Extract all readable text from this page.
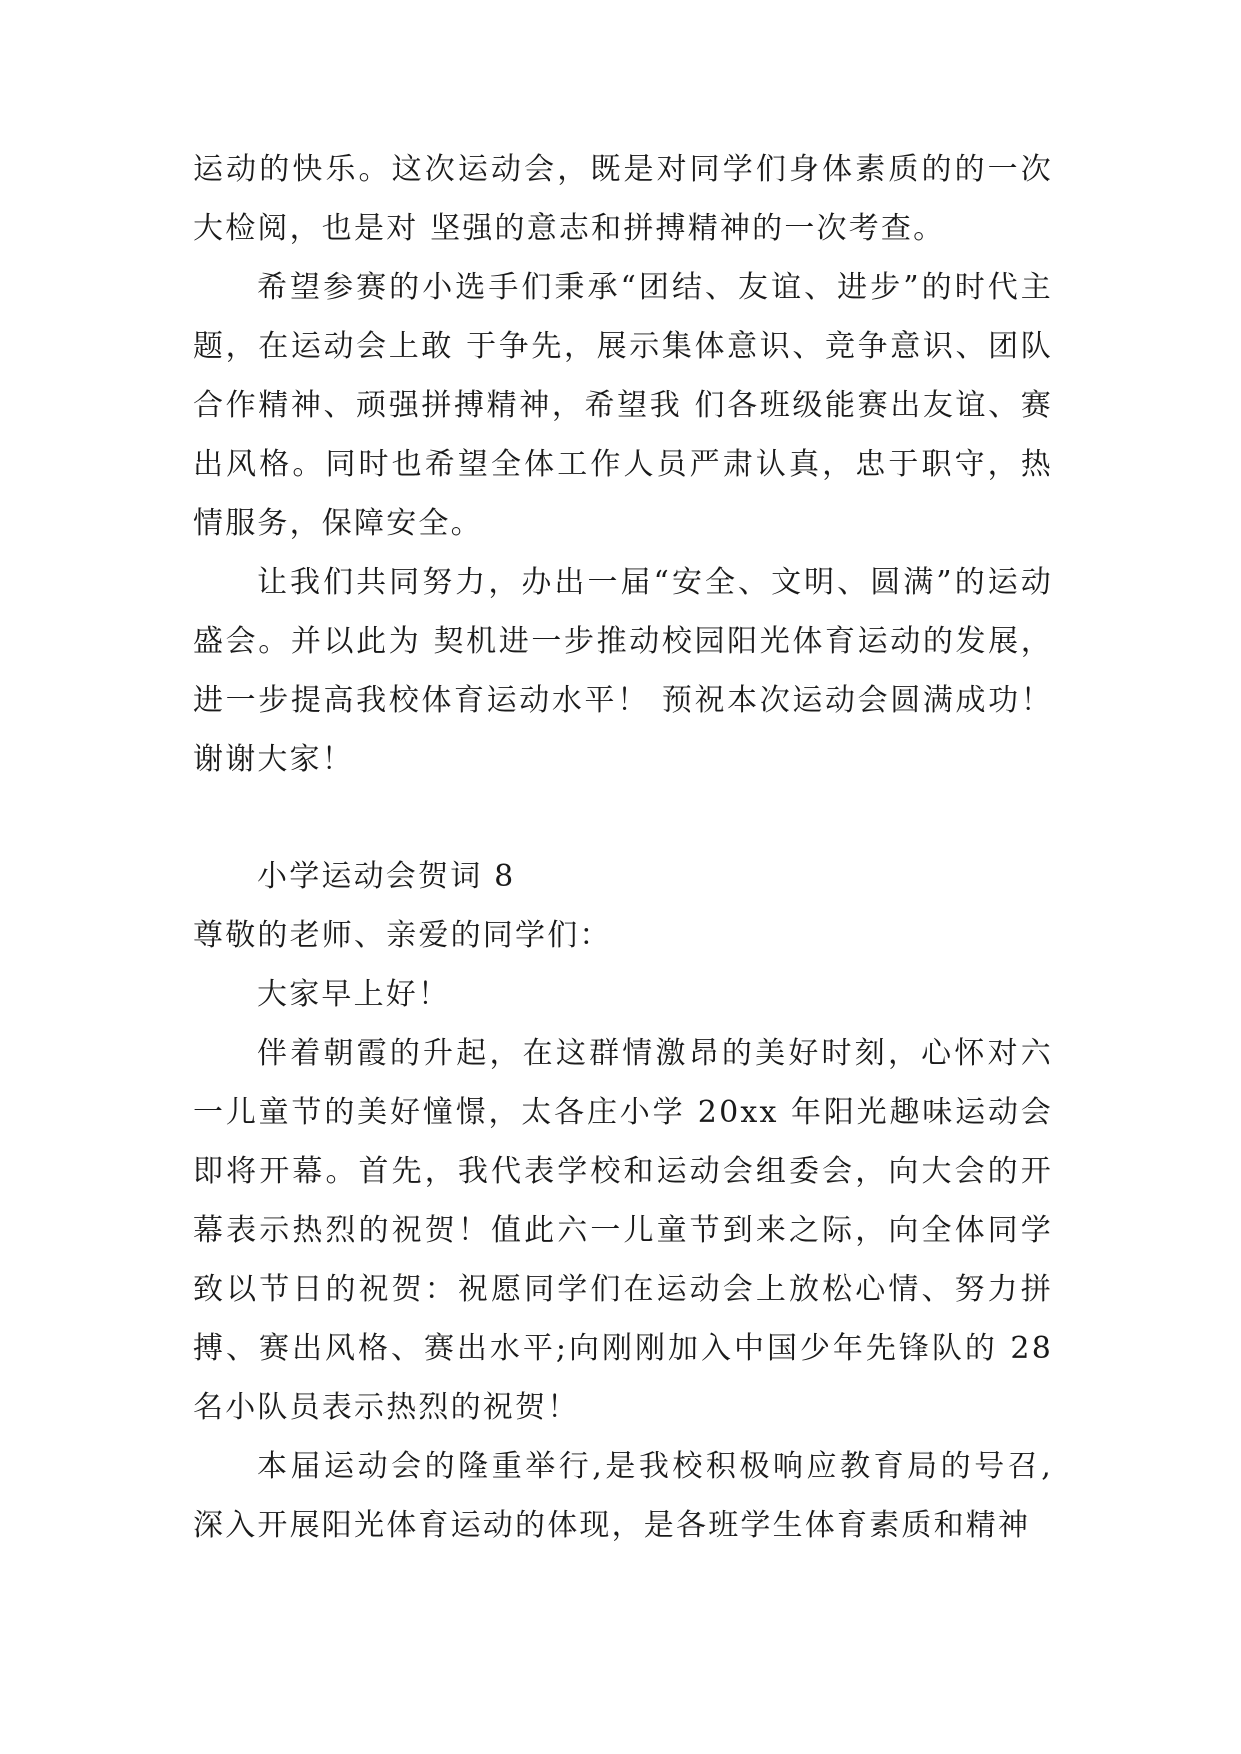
运动的快乐。这次运动会，既是对同学们身体素质的的一次大检阅，也是对 坚强的意志和拼搏精神的一次考查。

希望参赛的小选手们秉承“团结、友谊、进步”的时代主题，在运动会上敢 于争先，展示集体意识、竞争意识、团队合作精神、顽强拼搏精神，希望我 们各班级能赛出友谊、赛出风格。同时也希望全体工作人员严肃认真，忠于职守，热情服务，保障安全。

让我们共同努力，办出一届“安全、文明、圆满”的运动盛会。并以此为 契机进一步推动校园阳光体育运动的发展，进一步提高我校体育运动水平！ 预祝本次运动会圆满成功！谢谢大家！

小学运动会贺词 8

尊敬的老师、亲爱的同学们：

大家早上好！

伴着朝霞的升起，在这群情激昂的美好时刻，心怀对六一儿童节的美好憧憬，太各庄小学 20xx 年阳光趣味运动会即将开幕。首先，我代表学校和运动会组委会，向大会的开幕表示热烈的祝贺！值此六一儿童节到来之际，向全体同学致以节日的祝贺：祝愿同学们在运动会上放松心情、努力拼搏、赛出风格、赛出水平;向刚刚加入中国少年先锋队的 28 名小队员表示热烈的祝贺！

本届运动会的隆重举行,是我校积极响应教育局的号召,深入开展阳光体育运动的体现，是各班学生体育素质和精神
